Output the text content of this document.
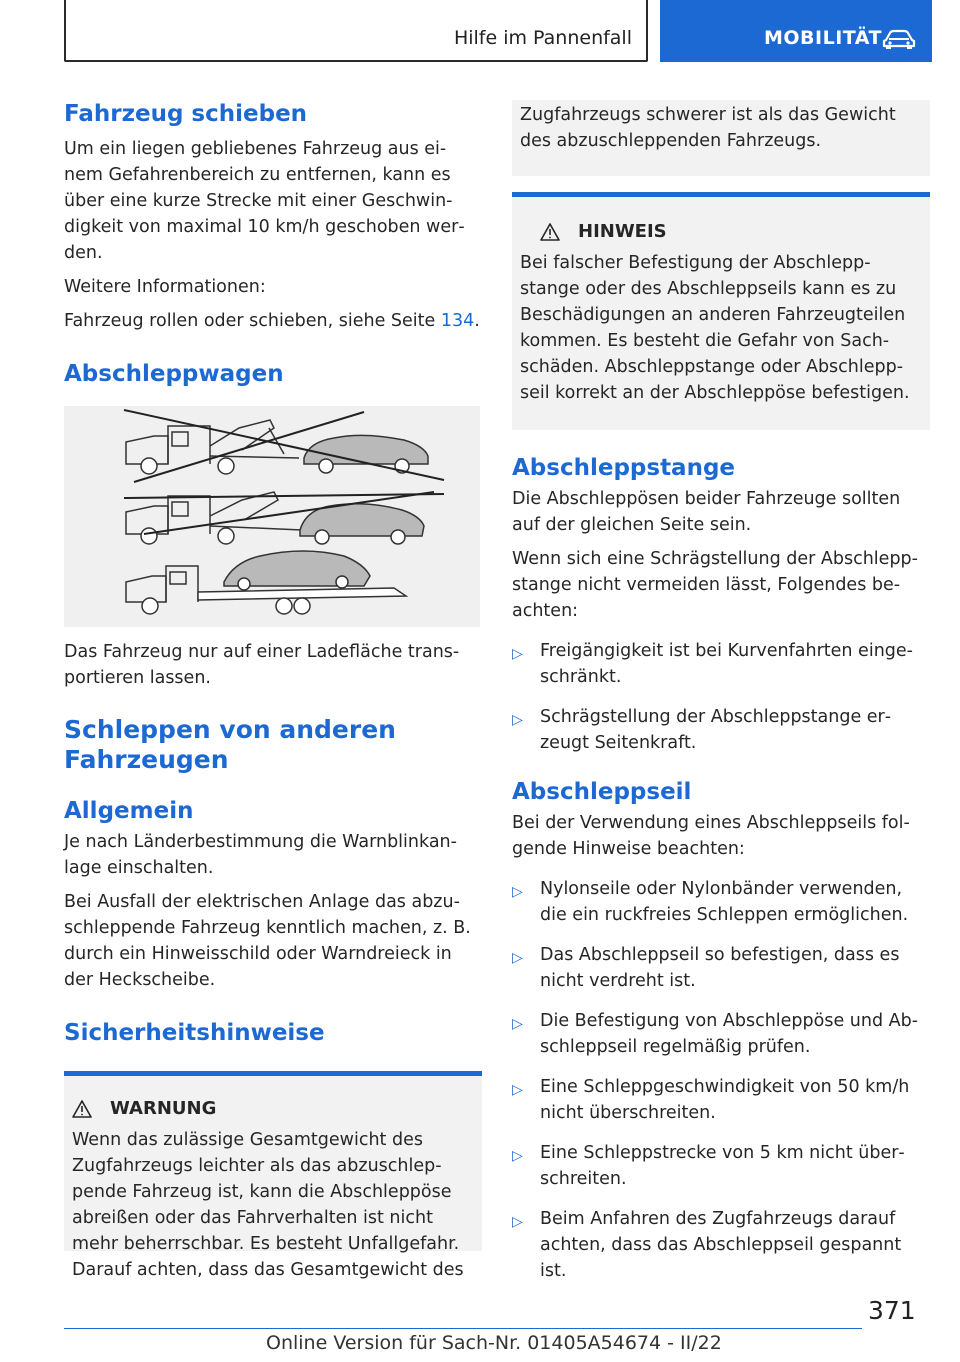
Hilfe im Pannenfall	MOBILITÄT
Fahrzeug schieben

Um ein liegen gebliebenes Fahrzeug aus ei‐ nem Gefahrenbereich zu entfernen, kann es über eine kurze Strecke mit einer Geschwin‐ digkeit von maximal 10 km/h geschoben wer‐ den.

Weitere Informationen:

Fahrzeug rollen oder schieben, siehe Seite 134.

Abschleppwagen

Das Fahrzeug nur auf einer Ladefläche trans‐ portieren lassen.

Schleppen von anderen Fahrzeugen
Allgemein

Je nach Länderbestimmung die Warnblinkan‐ lage einschalten.

Bei Ausfall der elektrischen Anlage das abzu‐ schleppende Fahrzeug kenntlich machen, z. B. durch ein Hinweisschild oder Warndreieck in der Heckscheibe.

Sicherheitshinweise
WARNUNG

Wenn das zulässige Gesamtgewicht des Zugfahrzeugs leichter als das abzuschlep‐ pende Fahrzeug ist, kann die Abschleppöse abreißen oder das Fahrverhalten ist nicht mehr beherrschbar. Es besteht Unfallgefahr. Darauf achten, dass das Gesamtgewicht des

Zugfahrzeugs schwerer ist als das Gewicht des abzuschleppenden Fahrzeugs.

HINWEIS

Bei falscher Befestigung der Abschlepp‐ stange oder des Abschleppseils kann es zu Beschädigungen an anderen Fahrzeugteilen kommen. Es besteht die Gefahr von Sach‐ schäden. Abschleppstange oder Abschlepp‐ seil korrekt an der Abschleppöse befestigen.

Abschleppstange

Die Abschleppösen beider Fahrzeuge sollten auf der gleichen Seite sein.

Wenn sich eine Schrägstellung der Abschlepp‐ stange nicht vermeiden lässt, Folgendes be‐ achten:

▷ Freigängigkeit ist bei Kurvenfahrten einge‐ schränkt.
▷ Schrägstellung der Abschleppstange er‐ zeugt Seitenkraft.
Abschleppseil

Bei der Verwendung eines Abschleppseils fol‐ gende Hinweise beachten:

▷ Nylonseile oder Nylonbänder verwenden, die ein ruckfreies Schleppen ermöglichen.
▷ Das Abschleppseil so befestigen, dass es nicht verdreht ist.
▷ Die Befestigung von Abschleppöse und Ab‐ schleppseil regelmäßig prüfen.
▷ Eine Schleppgeschwindigkeit von 50 km/h nicht überschreiten.
▷ Eine Schleppstrecke von 5 km nicht über‐ schreiten.
▷ Beim Anfahren des Zugfahrzeugs darauf achten, dass das Abschleppseil gespannt ist.
371
Online Version für Sach-Nr. 01405A54674 - II/22
